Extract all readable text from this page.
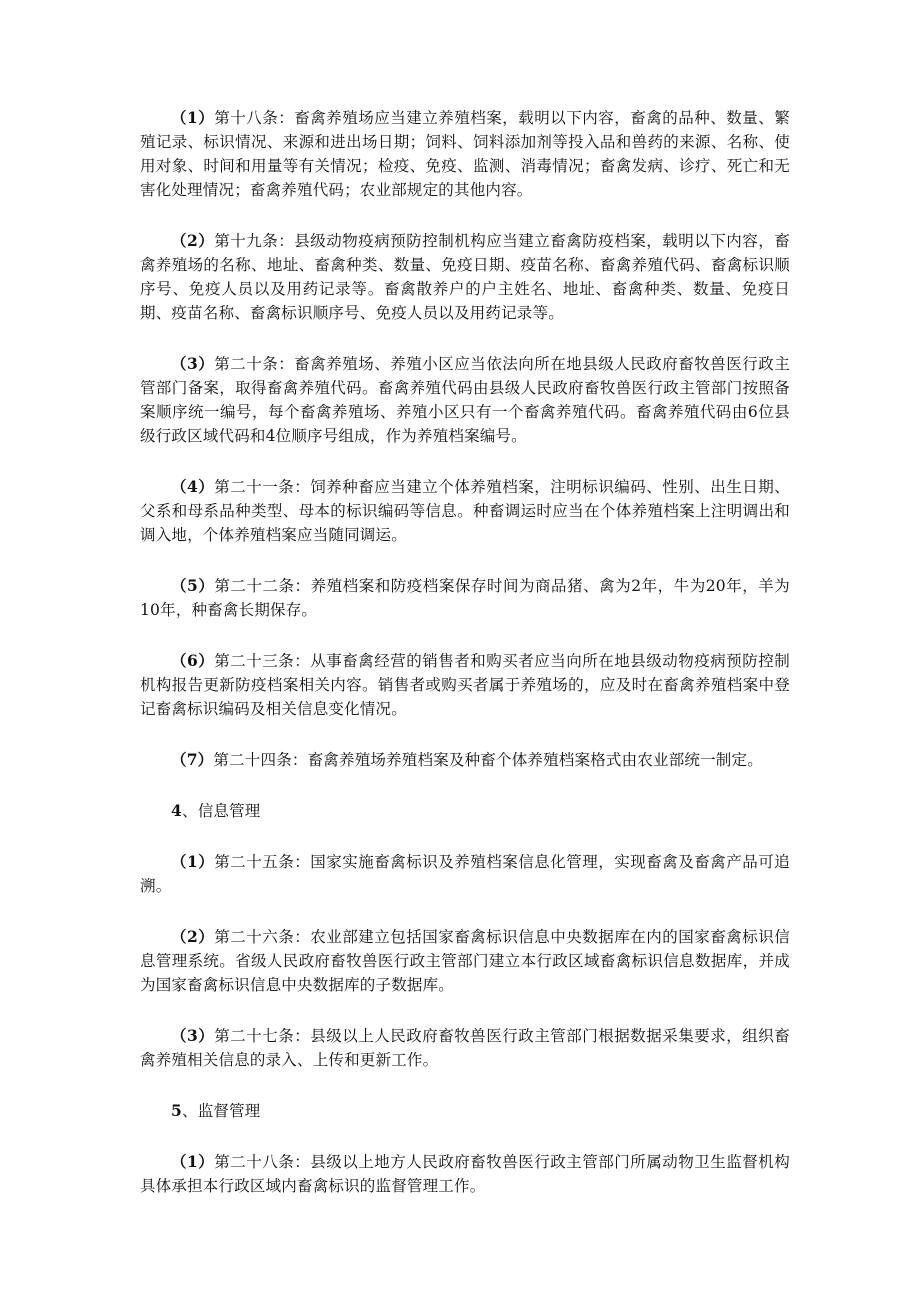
（1）第十八条：畜禽养殖场应当建立养殖档案，载明以下内容，畜禽的品种、数量、繁殖记录、标识情况、来源和进出场日期；饲料、饲料添加剂等投入品和兽药的来源、名称、使用对象、时间和用量等有关情况；检疫、免疫、监测、消毒情况；畜禽发病、诊疗、死亡和无害化处理情况；畜禽养殖代码；农业部规定的其他内容。

（2）第十九条：县级动物疫病预防控制机构应当建立畜禽防疫档案，载明以下内容，畜禽养殖场的名称、地址、畜禽种类、数量、免疫日期、疫苗名称、畜禽养殖代码、畜禽标识顺序号、免疫人员以及用药记录等。畜禽散养户的户主姓名、地址、畜禽种类、数量、免疫日期、疫苗名称、畜禽标识顺序号、免疫人员以及用药记录等。

（3）第二十条：畜禽养殖场、养殖小区应当依法向所在地县级人民政府畜牧兽医行政主管部门备案，取得畜禽养殖代码。畜禽养殖代码由县级人民政府畜牧兽医行政主管部门按照备案顺序统一编号，每个畜禽养殖场、养殖小区只有一个畜禽养殖代码。畜禽养殖代码由6位县级行政区域代码和4位顺序号组成，作为养殖档案编号。

（4）第二十一条：饲养种畜应当建立个体养殖档案，注明标识编码、性别、出生日期、父系和母系品种类型、母本的标识编码等信息。种畜调运时应当在个体养殖档案上注明调出和调入地，个体养殖档案应当随同调运。

（5）第二十二条：养殖档案和防疫档案保存时间为商品猪、禽为2年，牛为20年，羊为10年，种畜禽长期保存。

（6）第二十三条：从事畜禽经营的销售者和购买者应当向所在地县级动物疫病预防控制机构报告更新防疫档案相关内容。销售者或购买者属于养殖场的，应及时在畜禽养殖档案中登记畜禽标识编码及相关信息变化情况。

（7）第二十四条：畜禽养殖场养殖档案及种畜个体养殖档案格式由农业部统一制定。

4、信息管理

（1）第二十五条：国家实施畜禽标识及养殖档案信息化管理，实现畜禽及畜禽产品可追溯。

（2）第二十六条：农业部建立包括国家畜禽标识信息中央数据库在内的国家畜禽标识信息管理系统。省级人民政府畜牧兽医行政主管部门建立本行政区域畜禽标识信息数据库，并成为国家畜禽标识信息中央数据库的子数据库。

（3）第二十七条：县级以上人民政府畜牧兽医行政主管部门根据数据采集要求，组织畜禽养殖相关信息的录入、上传和更新工作。

5、监督管理

（1）第二十八条：县级以上地方人民政府畜牧兽医行政主管部门所属动物卫生监督机构具体承担本行政区域内畜禽标识的监督管理工作。
